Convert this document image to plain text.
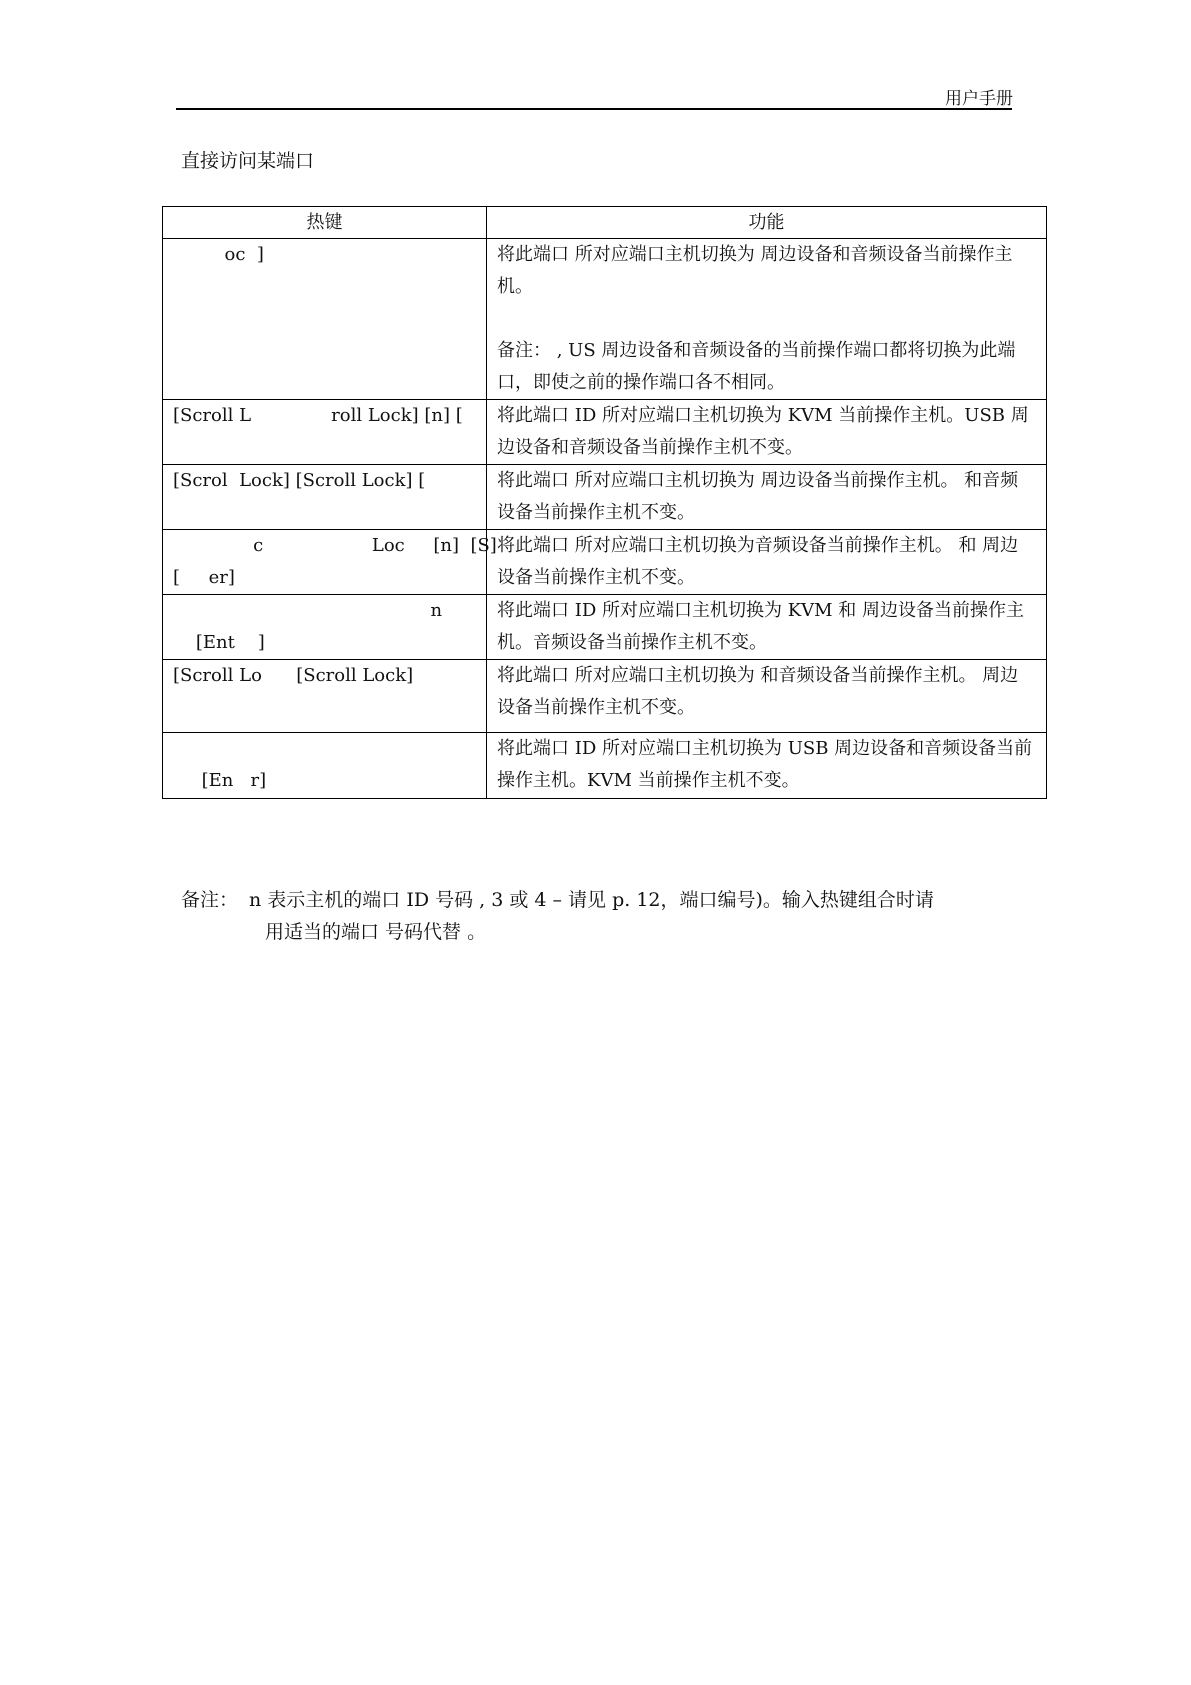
用户手册
直接访问某端口
热键	功能

oc  ]	将此端口 所对应端口主机切换为 周边设备和音频设备当前操作主机。

备注： , US 周边设备和音频设备的当前操作端口都将切换为此端口，即使之前的操作端口各不相同。

[Scroll L              roll Lock] [n] [	将此端口 ID 所对应端口主机切换为 KVM 当前操作主机。USB 周边设备和音频设备当前操作主机不变。

[Scrol  Lock] [Scroll Lock] [	将此端口 所对应端口主机切换为 周边设备当前操作主机。 和音频设备当前操作主机不变。

c                   Loc     [n]  [S]
[     er]	将此端口 所对应端口主机切换为音频设备当前操作主机。 和 周边设备当前操作主机不变。

n
[Ent    ]	将此端口 ID 所对应端口主机切换为 KVM 和 周边设备当前操作主机。音频设备当前操作主机不变。

[Scroll Lo      [Scroll Lock]	将此端口 所对应端口主机切换为 和音频设备当前操作主机。 周边设备当前操作主机不变。

[En   r]	将此端口 ID 所对应端口主机切换为 USB 周边设备和音频设备当前操作主机。KVM 当前操作主机不变。
备注： n 表示主机的端口 ID 号码 , 3 或 4 – 请见 p. 12，端口编号)。输入热键组合时请
用适当的端口 号码代替 。
